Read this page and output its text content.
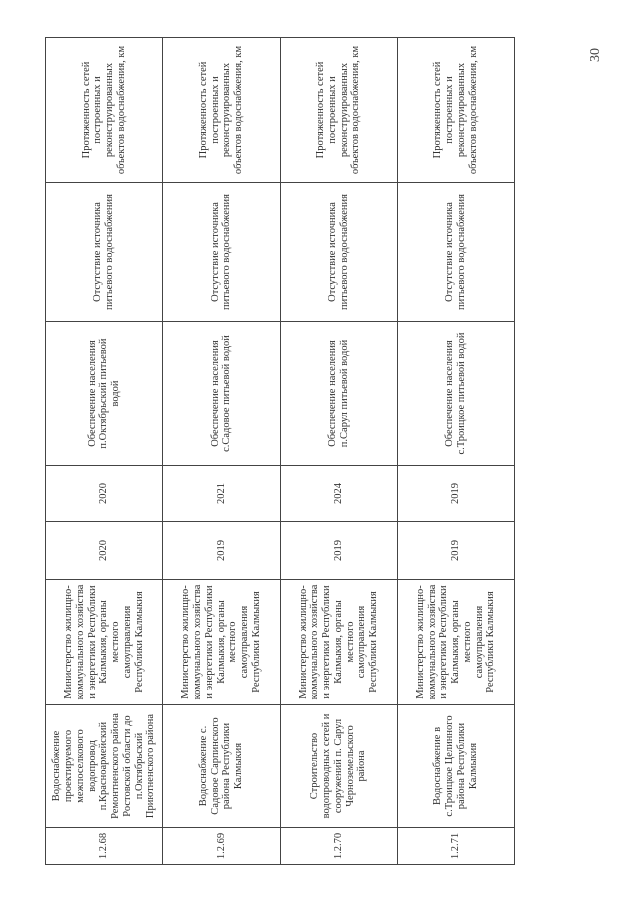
1.2.68	Водоснабжение проектируемого межпоселкового водопровод п.Красноармейский Ремонтненского района Ростовской области до п.Октябрьский Приютненского района	Министерство жилищно-коммунального хозяйства и энергетики Республики Калмыкия, органы местного самоуправления Республики Калмыкия	2020	2020	Обеспечение населения п.Октябрьский питьевой водой	Отсутствие источника питьевого водоснабжения	Протяженность сетей построенных и реконструированных объектов водоснабжения, км
1.2.69	Водоснабжение с. Садовое Сарпинского района Республики Калмыкия	Министерство жилищно-коммунального хозяйства и энергетики Республики Калмыкия, органы местного самоуправления Республики Калмыкия	2019	2021	Обеспечение населения с.Садовое питьевой водой	Отсутствие источника питьевого водоснабжения	Протяженность сетей построенных и реконструированных объектов водоснабжения, км
1.2.70	Строительство водопроводных сетей и сооружений п. Сарул Черноземельского района	Министерство жилищно-коммунального хозяйства и энергетики Республики Калмыкия, органы местного самоуправления Республики Калмыкия	2019	2024	Обеспечение населения п.Сарул питьевой водой	Отсутствие источника питьевого водоснабжения	Протяженность сетей построенных и реконструированных объектов водоснабжения, км
1.2.71	Водоснабжение в с.Троицкое Целинного района Республики Калмыкия	Министерство жилищно-коммунального хозяйства и энергетики Республики Калмыкия, органы местного самоуправления Республики Калмыкия	2019	2019	Обеспечение населения с.Троицкое питьевой водой	Отсутствие источника питьевого водоснабжения	Протяженность сетей построенных и реконструированных объектов водоснабжения, км	30
